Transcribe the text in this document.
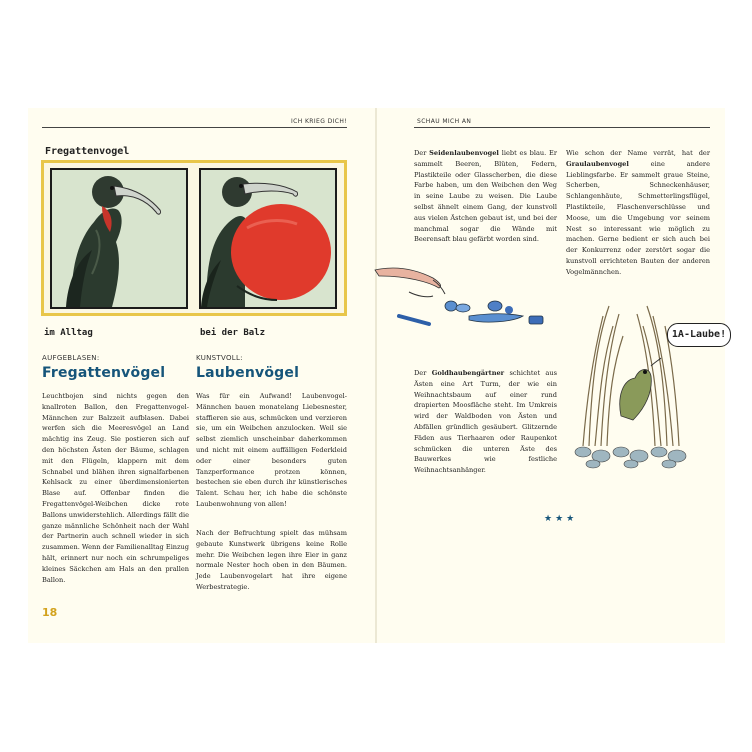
ICH KRIEG DICH!	SCHAU MICH AN
Fregattenvogel
im Alltag	bei der Balz
AUFGEBLASEN:
Fregattenvögel
Leuchtbojen sind nichts gegen den knallroten Ballon, den Fregattenvogel-Männchen zur Balzzeit aufblasen. Dabei werfen sich die Meeresvögel an Land mächtig ins Zeug. Sie postieren sich auf den höchsten Ästen der Bäume, schlagen mit den Flügeln, klappern mit dem Schnabel und blähen ihren signalfarbenen Kehlsack zu einer überdimensionierten Blase auf. Offenbar finden die Fregattenvögel-Weibchen dicke rote Ballons unwiderstehlich. Allerdings fällt die ganze männliche Schönheit nach der Wahl der Partnerin auch schnell wieder in sich zusammen. Wenn der Familienalltag Einzug hält, erinnert nur noch ein schrumpeliges kleines Säckchen am Hals an den prallen Ballon.
KUNSTVOLL:
Laubenvögel
Was für ein Aufwand! Laubenvogel-Männchen bauen monatelang Liebesnester, staffieren sie aus, schmücken und verzieren sie, um ein Weibchen anzulocken. Weil sie selbst ziemlich unscheinbar daherkommen und nicht mit einem auffälligen Federkleid oder einer besonders guten Tanzperformance protzen können, bestechen sie eben durch ihr künstlerisches Talent. Schau her, ich habe die schönste Laubenwohnung von allen!
Nach der Befruchtung spielt das mühsam gebaute Kunstwerk übrigens keine Rolle mehr. Die Weibchen legen ihre Eier in ganz normale Nester hoch oben in den Bäumen. Jede Laubenvogelart hat ihre eigene Werbestrategie.
18
Der Seidenlaubenvogel liebt es blau. Er sammelt Beeren, Blüten, Federn, Plastikteile oder Glasscherben, die diese Farbe haben, um den Weibchen den Weg in seine Laube zu weisen. Die Laube selbst ähnelt einem Gang, der kunstvoll aus vielen Ästchen gebaut ist, und bei der manchmal sogar die Wände mit Beerensaft blau gefärbt worden sind.
Der Goldhaubengärtner schichtet aus Ästen eine Art Turm, der wie ein Weihnachtsbaum auf einer rund drapierten Moosfläche steht. Im Umkreis wird der Waldboden von Ästen und Abfällen gründlich gesäubert. Glitzernde Fäden aus Tierhaaren oder Raupenkot schmücken die unteren Äste des Bauwerkes wie festliche Weihnachtsanhänger.
Wie schon der Name verrät, hat der Graulaubenvogel eine andere Lieblingsfarbe. Er sammelt graue Steine, Scherben, Schneckenhäuser, Schlangenhäute, Schmetterlingsflügel, Plastikteile, Flaschenverschlüsse und Moose, um die Umgebung vor seinem Nest so interessant wie möglich zu machen. Gerne bedient er sich auch bei der Konkurrenz oder zerstört sogar die kunstvoll errichteten Bauten der anderen Vogelmännchen.
1A-Laube!
★★★
